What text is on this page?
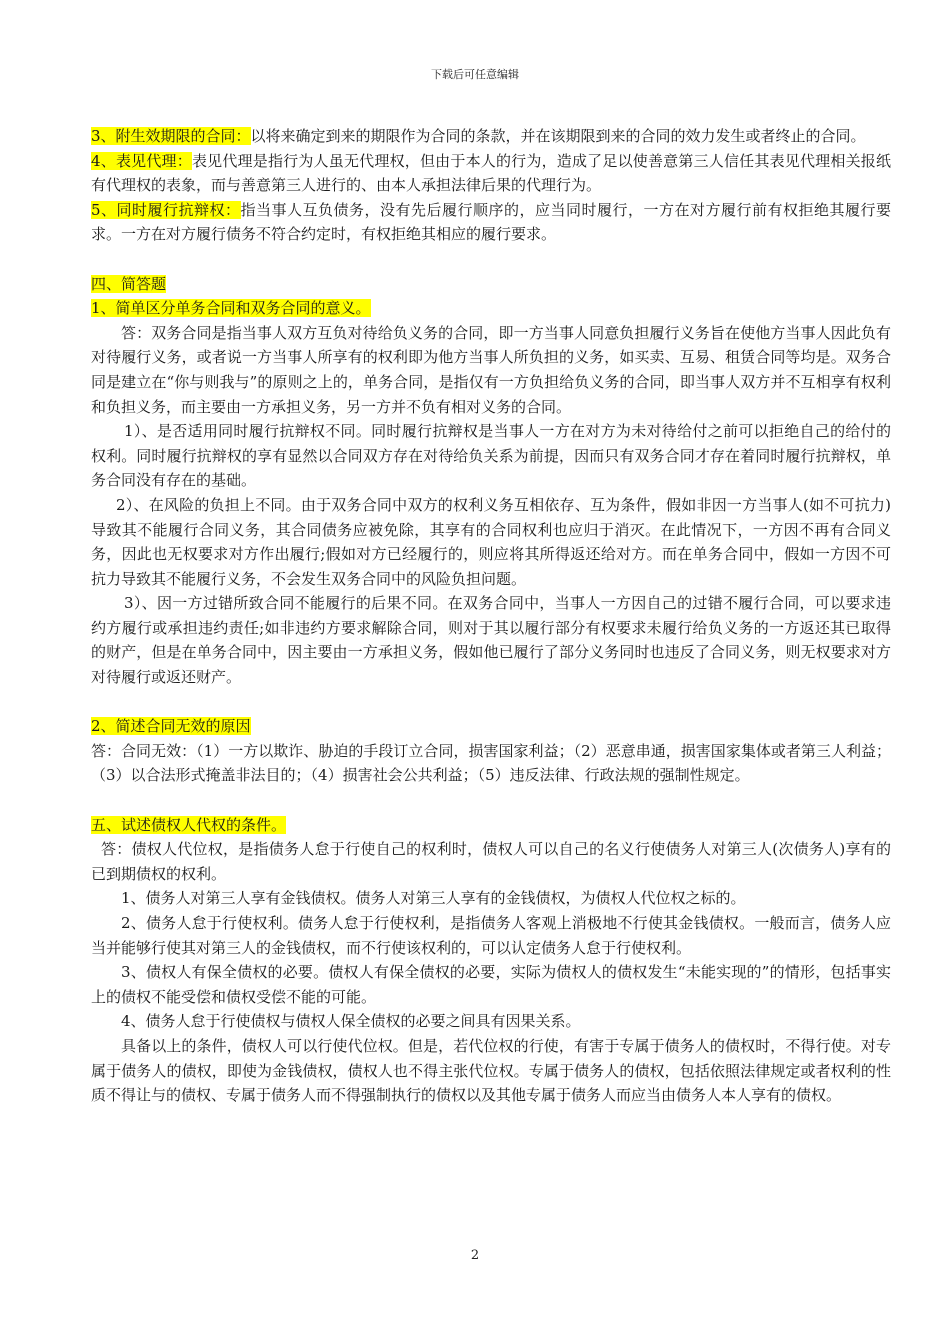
下载后可任意编辑

3、附生效期限的合同：以将来确定到来的期限作为合同的条款，并在该期限到来的合同的效力发生或者终止的合同。

4、表见代理：表见代理是指行为人虽无代理权，但由于本人的行为，造成了足以使善意第三人信任其表见代理相关报纸有代理权的表象，而与善意第三人进行的、由本人承担法律后果的代理行为。

5、同时履行抗辩权：指当事人互负债务，没有先后履行顺序的，应当同时履行，一方在对方履行前有权拒绝其履行要求。一方在对方履行债务不符合约定时，有权拒绝其相应的履行要求。

四、简答题

1、简单区分单务合同和双务合同的意义。

答：双务合同是指当事人双方互负对待给负义务的合同，即一方当事人同意负担履行义务旨在使他方当事人因此负有对待履行义务，或者说一方当事人所享有的权利即为他方当事人所负担的义务，如买卖、互易、租赁合同等均是。双务合同是建立在“你与则我与”的原则之上的，单务合同，是指仅有一方负担给负义务的合同，即当事人双方并不互相享有权利和负担义务，而主要由一方承担义务，另一方并不负有相对义务的合同。

1）、是否适用同时履行抗辩权不同。同时履行抗辩权是当事人一方在对方为未对待给付之前可以拒绝自己的给付的权利。同时履行抗辩权的享有显然以合同双方存在对待给负关系为前提，因而只有双务合同才存在着同时履行抗辩权，单务合同没有存在的基础。

2）、在风险的负担上不同。由于双务合同中双方的权利义务互相依存、互为条件，假如非因一方当事人(如不可抗力)导致其不能履行合同义务，其合同债务应被免除，其享有的合同权利也应归于消灭。在此情况下，一方因不再有合同义务，因此也无权要求对方作出履行;假如对方已经履行的，则应将其所得返还给对方。而在单务合同中，假如一方因不可抗力导致其不能履行义务，不会发生双务合同中的风险负担问题。

3）、因一方过错所致合同不能履行的后果不同。在双务合同中，当事人一方因自己的过错不履行合同，可以要求违约方履行或承担违约责任;如非违约方要求解除合同，则对于其以履行部分有权要求未履行给负义务的一方返还其已取得的财产，但是在单务合同中，因主要由一方承担义务，假如他已履行了部分义务同时也违反了合同义务，则无权要求对方对待履行或返还财产。

2、简述合同无效的原因

答：合同无效：（1）一方以欺诈、胁迫的手段订立合同，损害国家利益；（2）恶意串通，损害国家集体或者第三人利益；（3）以合法形式掩盖非法目的；（4）损害社会公共利益；（5）违反法律、行政法规的强制性规定。

五、试述债权人代权的条件。

答：债权人代位权，是指债务人怠于行使自己的权利时，债权人可以自己的名义行使债务人对第三人(次债务人)享有的已到期债权的权利。

1、债务人对第三人享有金钱债权。债务人对第三人享有的金钱债权，为债权人代位权之标的。

2、债务人怠于行使权利。债务人怠于行使权利，是指债务人客观上消极地不行使其金钱债权。一般而言，债务人应当并能够行使其对第三人的金钱债权，而不行使该权利的，可以认定债务人怠于行使权利。

3、债权人有保全债权的必要。债权人有保全债权的必要，实际为债权人的债权发生“未能实现的”的情形，包括事实上的债权不能受偿和债权受偿不能的可能。

4、债务人怠于行使债权与债权人保全债权的必要之间具有因果关系。

具备以上的条件，债权人可以行使代位权。但是，若代位权的行使，有害于专属于债务人的债权时，不得行使。对专属于债务人的债权，即使为金钱债权，债权人也不得主张代位权。专属于债务人的债权，包括依照法律规定或者权利的性质不得让与的债权、专属于债务人而不得强制执行的债权以及其他专属于债务人而应当由债务人本人享有的债权。

2
